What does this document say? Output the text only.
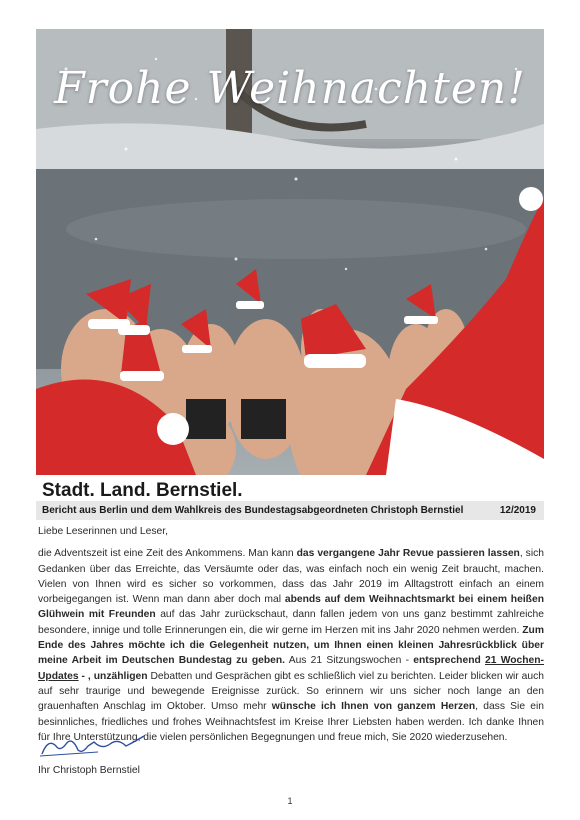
Frohe Weihnachten!
Stadt. Land. Bernstiel.
Bericht aus Berlin und dem Wahlkreis des Bundestagsabgeordneten Christoph Bernstiel	12/2019

Liebe Leserinnen und Leser,

die Adventszeit ist eine Zeit des Ankommens. Man kann das vergangene Jahr Revue passieren lassen, sich Gedanken über das Erreichte, das Versäumte oder das, was einfach noch ein wenig Zeit braucht, machen. Vielen von Ihnen wird es sicher so vorkommen, dass das Jahr 2019 im Alltagstrott einfach an einem vorbeigegangen ist. Wenn man dann aber doch mal abends auf dem Weihnachtsmarkt bei einem heißen Glühwein mit Freunden auf das Jahr zurückschaut, dann fallen jedem von uns ganz bestimmt zahlreiche besondere, innige und tolle Erinnerungen ein, die wir gerne im Herzen mit ins Jahr 2020 nehmen werden. Zum Ende des Jahres möchte ich die Gelegenheit nutzen, um Ihnen einen kleinen Jahresrückblick über meine Arbeit im Deutschen Bundestag zu geben. Aus 21 Sitzungswochen - entsprechend 21 Wochen-Updates - , unzähligen Debatten und Gesprächen gibt es schließlich viel zu berichten. Leider blicken wir auch auf sehr traurige und bewegende Ereignisse zurück. So erinnern wir uns sicher noch lange an den grauenhaften Anschlag im Oktober. Umso mehr wünsche ich Ihnen von ganzem Herzen, dass Sie ein besinnliches, friedliches und frohes Weihnachtsfest im Kreise Ihrer Liebsten haben werden. Ich danke Ihnen für Ihre Unterstützung, die vielen persönlichen Begegnungen und freue mich, Sie 2020 wiederzusehen.

Ihr Christoph Bernstiel
1
